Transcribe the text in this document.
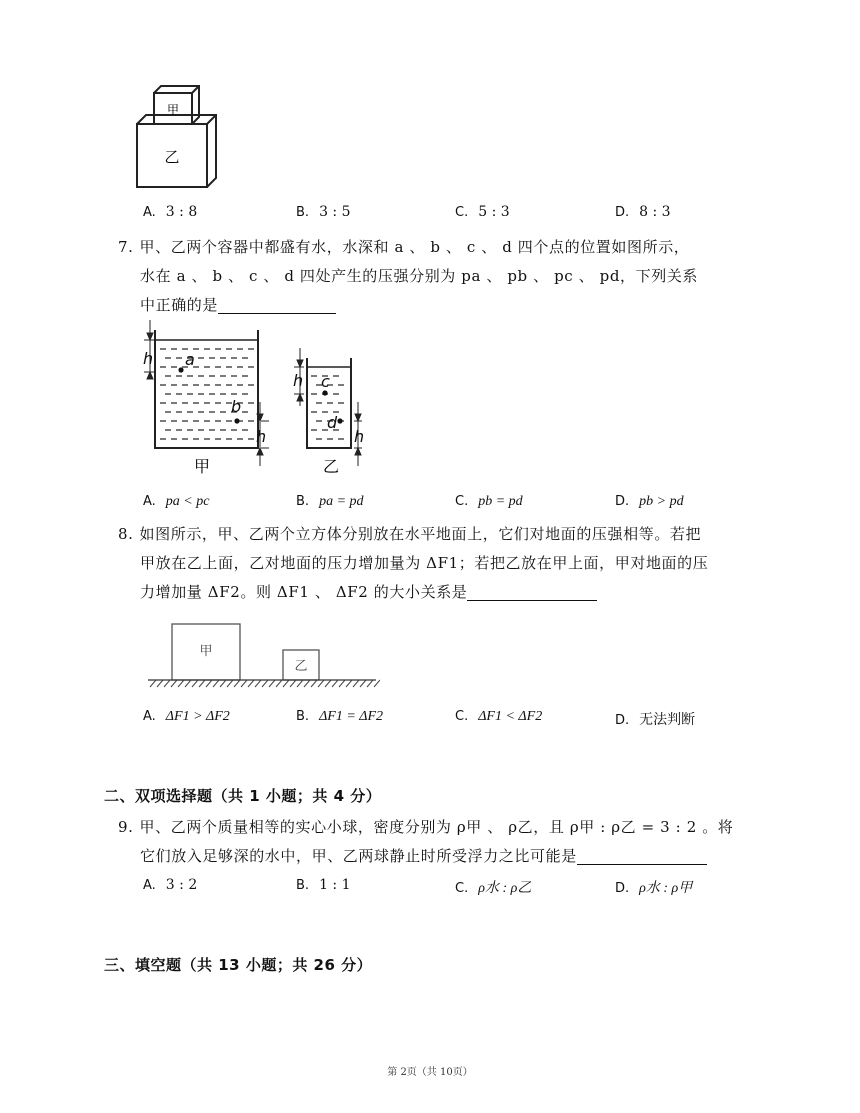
甲
乙
A. 3 : 8	B. 3 : 5	C. 5 : 3	D. 8 : 3
7. 甲、乙两个容器中都盛有水，水深和 a 、 b 、 c 、 d 四个点的位置如图所示，
水在 a 、 b 、 c 、 d 四处产生的压强分别为 pa 、 pb 、 pc 、 pd，下列关系
中正确的是
h
h
h
h
a
b
c
d
甲	乙
A. pa < pc	B. pa = pd	C. pb = pd	D. pb > pd
8. 如图所示，甲、乙两个立方体分别放在水平地面上，它们对地面的压强相等。若把
甲放在乙上面，乙对地面的压力增加量为 ΔF1；若把乙放在甲上面，甲对地面的压
力增加量 ΔF2。则 ΔF1 、 ΔF2 的大小关系是
甲
乙
A. ΔF1 > ΔF2	B. ΔF1 = ΔF2	C. ΔF1 < ΔF2	D. 无法判断
二、双项选择题（共 1 小题；共 4 分）
9. 甲、乙两个质量相等的实心小球，密度分别为 ρ甲 、 ρ乙，且 ρ甲 : ρ乙 = 3 : 2 。将
它们放入足够深的水中，甲、乙两球静止时所受浮力之比可能是
A. 3 : 2	B. 1 : 1	C. ρ水 : ρ乙	D. ρ水 : ρ甲
三、填空题（共 13 小题；共 26 分）
第 2页（共 10页）
